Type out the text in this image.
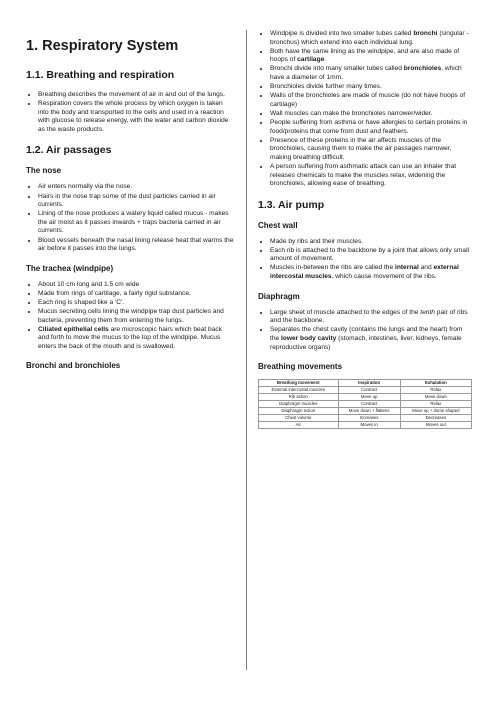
1. Respiratory System
1.1. Breathing and respiration
• Breathing describes the movement of air in and out of the lungs.
• Respiration covers the whole process by which oxygen is taken into the body and transported to the cells and used in a reaction with glucose to release energy, with the water and carbon dioxide as the waste products.
1.2. Air passages
The nose
• Air enters normally via the nose.
• Hairs in the nose trap some of the dust particles carried in air currents.
• Lining of the nose produces a watery liquid called mucus - makes the air moist as it passes inwards + traps bacteria carried in air currents.
• Blood vessels beneath the nasal lining release heat that warms the air before it passes into the lungs.
The trachea (windpipe)
• About 10 cm long and 1.5 cm wide
• Made from rings of cartilage, a fairly rigid substance.
• Each ring is shaped like a 'C'.
• Mucus secreting cells lining the windpipe trap dust particles and bacteria, preventing them from entering the lungs.
• Ciliated epithelial cells are microscopic hairs which beat back and forth to move the mucus to the top of the windpipe. Mucus enters the back of the mouth and is swallowed.
Bronchi and bronchioles
• Windpipe is divided into two smaller tubes called bronchi (singular - bronchus) which extend into each individual lung.
• Both have the same lining as the windpipe, and are also made of hoops of cartilage.
• Bronchi divide into many smaller tubes called bronchioles, which have a diameter of 1mm.
• Bronchioles divide further many times.
• Walls of the bronchioles are made of muscle (do not have hoops of cartilage)
• Wall muscles can make the bronchioles narrower/wider.
• People suffering from asthma or have allergies to certain proteins in food/proteins that come from dust and feathers.
• Presence of these proteins in the air affects muscles of the bronchioles, causing them to make the air passages narrower, making breathing difficult.
• A person suffering from asthmatic attack can use an inhaler that releases chemicals to make the muscles relax, widening the bronchioles, allowing ease of breathing.
1.3. Air pump
Chest wall
• Made by ribs and their muscles.
• Each rib is attached to the backbone by a joint that allows only small amount of movement.
• Muscles in-between the ribs are called the internal and external intercostal muscles, which cause movement of the ribs.
Diaphragm
• Large sheet of muscle attached to the edges of the tenth pair of ribs and the backbone.
• Separates the chest cavity (contains the lungs and the heart) from the lower body cavity (stomach, intestines, liver, kidneys, female reproductive organs)
Breathing movements
Breathing movement	Inspiration	Exhalation
External intercostal muscles	Contract	Relax
Rib action	Move up	Move down
Diaphragm muscles	Contract	Relax
Diaphragm action	Move down + flattens	Move up + dome shaped
Chest volume	Increases	Decreases
Air	Moves in	Moves out
